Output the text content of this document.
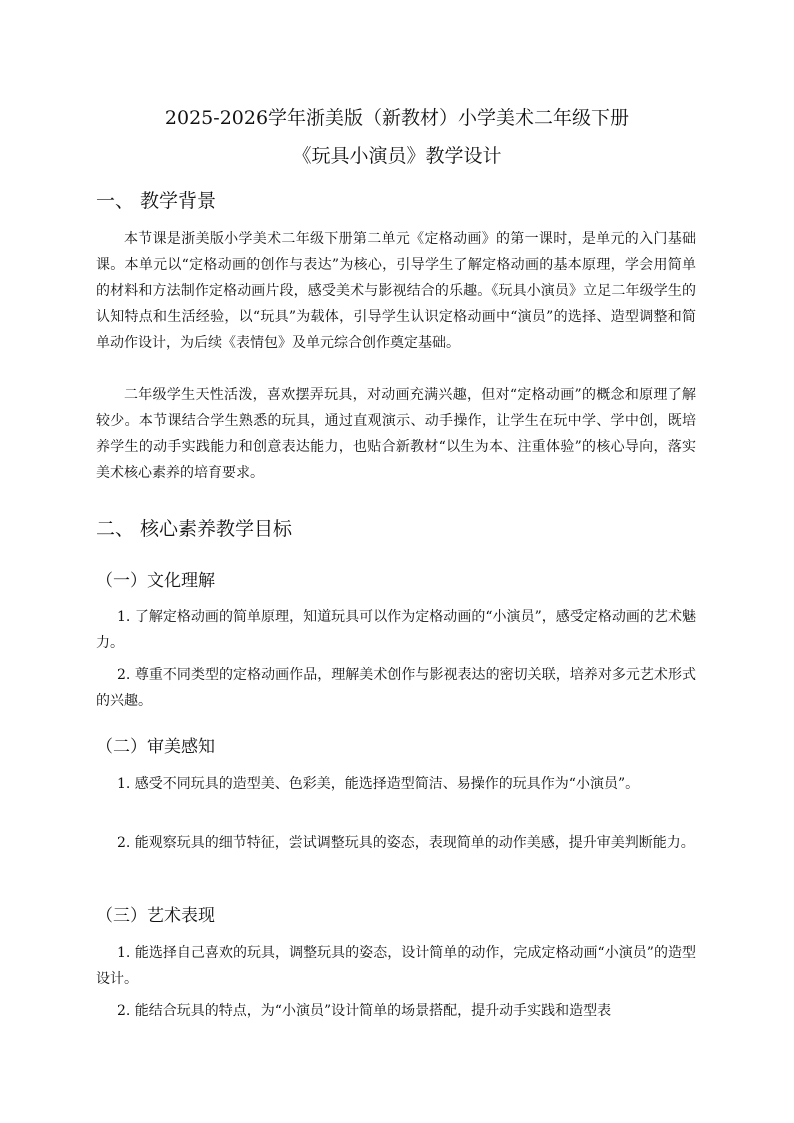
2025-2026学年浙美版（新教材）小学美术二年级下册
《玩具小演员》教学设计
一、 教学背景

本节课是浙美版小学美术二年级下册第二单元《定格动画》的第一课时，是单元的入门基础课。本单元以“定格动画的创作与表达”为核心，引导学生了解定格动画的基本原理，学会用简单的材料和方法制作定格动画片段，感受美术与影视结合的乐趣。《玩具小演员》立足二年级学生的认知特点和生活经验，以“玩具”为载体，引导学生认识定格动画中“演员”的选择、造型调整和简单动作设计，为后续《表情包》及单元综合创作奠定基础。

二年级学生天性活泼，喜欢摆弄玩具，对动画充满兴趣，但对“定格动画”的概念和原理了解较少。本节课结合学生熟悉的玩具，通过直观演示、动手操作，让学生在玩中学、学中创，既培养学生的动手实践能力和创意表达能力，也贴合新教材“以生为本、注重体验”的核心导向，落实美术核心素养的培育要求。

二、 核心素养教学目标
（一）文化理解

1. 了解定格动画的简单原理，知道玩具可以作为定格动画的“小演员”，感受定格动画的艺术魅力。

2. 尊重不同类型的定格动画作品，理解美术创作与影视表达的密切关联，培养对多元艺术形式的兴趣。

（二）审美感知

1. 感受不同玩具的造型美、色彩美，能选择造型简洁、易操作的玩具作为“小演员”。

2. 能观察玩具的细节特征，尝试调整玩具的姿态，表现简单的动作美感，提升审美判断能力。

（三）艺术表现

1. 能选择自己喜欢的玩具，调整玩具的姿态，设计简单的动作，完成定格动画“小演员”的造型设计。

2. 能结合玩具的特点，为“小演员”设计简单的场景搭配，提升动手实践和造型表
